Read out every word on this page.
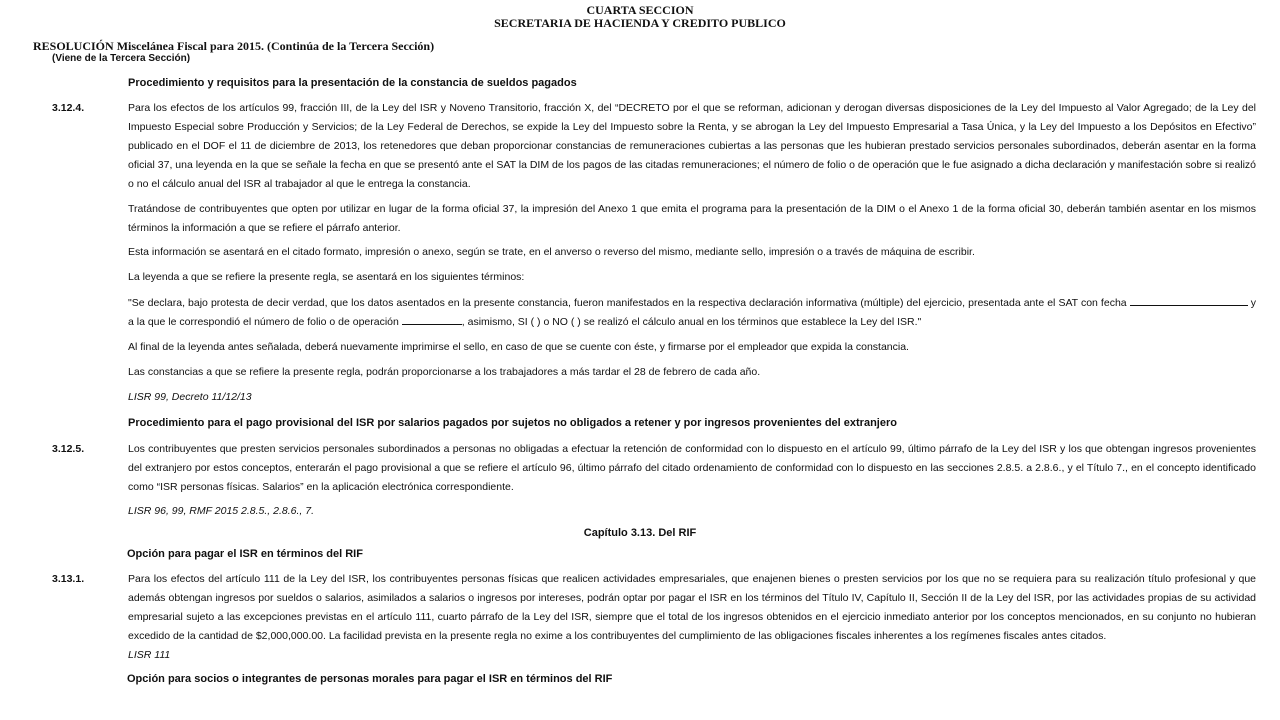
CUARTA SECCION
SECRETARIA DE HACIENDA Y CREDITO PUBLICO
RESOLUCIÓN Miscelánea Fiscal para 2015. (Continúa de la Tercera Sección)
(Viene de la Tercera Sección)
Procedimiento y requisitos para la presentación de la constancia de sueldos pagados
3.12.4.	Para los efectos de los artículos 99, fracción III, de la Ley del ISR y Noveno Transitorio, fracción X, del “DECRETO por el que se reforman, adicionan y derogan diversas disposiciones de la Ley del Impuesto al Valor Agregado; de la Ley del Impuesto Especial sobre Producción y Servicios; de la Ley Federal de Derechos, se expide la Ley del Impuesto sobre la Renta, y se abrogan la Ley del Impuesto Empresarial a Tasa Única, y la Ley del Impuesto a los Depósitos en Efectivo” publicado en el DOF el 11 de diciembre de 2013, los retenedores que deban proporcionar constancias de remuneraciones cubiertas a las personas que les hubieran prestado servicios personales subordinados, deberán asentar en la forma oficial 37, una leyenda en la que se señale la fecha en que se presentó ante el SAT la DIM de los pagos de las citadas remuneraciones; el número de folio o de operación que le fue asignado a dicha declaración y manifestación sobre si realizó o no el cálculo anual del ISR al trabajador al que le entrega la constancia.
Tratándose de contribuyentes que opten por utilizar en lugar de la forma oficial 37, la impresión del Anexo 1 que emita el programa para la presentación de la DIM o el Anexo 1 de la forma oficial 30, deberán también asentar en los mismos términos la información a que se refiere el párrafo anterior.
Esta información se asentará en el citado formato, impresión o anexo, según se trate, en el anverso o reverso del mismo, mediante sello, impresión o a través de máquina de escribir.
La leyenda a que se refiere la presente regla, se asentará en los siguientes términos:
"Se declara, bajo protesta de decir verdad, que los datos asentados en la presente constancia, fueron manifestados en la respectiva declaración informativa (múltiple) del ejercicio, presentada ante el SAT con fecha	y a la que le correspondió el número de folio o de operación	, asimismo, SI ( ) o NO ( ) se realizó el cálculo anual en los términos que establece la Ley del ISR."
Al final de la leyenda antes señalada, deberá nuevamente imprimirse el sello, en caso de que se cuente con éste, y firmarse por el empleador que expida la constancia.
Las constancias a que se refiere la presente regla, podrán proporcionarse a los trabajadores a más tardar el 28 de febrero de cada año.
LISR 99, Decreto 11/12/13
Procedimiento para el pago provisional del ISR por salarios pagados por sujetos no obligados a retener y por ingresos provenientes del extranjero
3.12.5.	Los contribuyentes que presten servicios personales subordinados a personas no obligadas a efectuar la retención de conformidad con lo dispuesto en el artículo 99, último párrafo de la Ley del ISR y los que obtengan ingresos provenientes del extranjero por estos conceptos, enterarán el pago provisional a que se refiere el artículo 96, último párrafo del citado ordenamiento de conformidad con lo dispuesto en las secciones 2.8.5. a 2.8.6., y el Título 7., en el concepto identificado como “ISR personas físicas. Salarios” en la aplicación electrónica correspondiente.
LISR 96, 99, RMF 2015 2.8.5., 2.8.6., 7.
Capítulo 3.13. Del RIF
Opción para pagar el ISR en términos del RIF
3.13.1.	Para los efectos del artículo 111 de la Ley del ISR, los contribuyentes personas físicas que realicen actividades empresariales, que enajenen bienes o presten servicios por los que no se requiera para su realización título profesional y que además obtengan ingresos por sueldos o salarios, asimilados a salarios o ingresos por intereses, podrán optar por pagar el ISR en los términos del Título IV, Capítulo II, Sección II de la Ley del ISR, por las actividades propias de su actividad empresarial sujeto a las excepciones previstas en el artículo 111, cuarto párrafo de la Ley del ISR, siempre que el total de los ingresos obtenidos en el ejercicio inmediato anterior por los conceptos mencionados, en su conjunto no hubieran excedido de la cantidad de $2,000,000.00. La facilidad prevista en la presente regla no exime a los contribuyentes del cumplimiento de las obligaciones fiscales inherentes a los regímenes fiscales antes citados.
LISR 111
Opción para socios o integrantes de personas morales para pagar el ISR en términos del RIF
